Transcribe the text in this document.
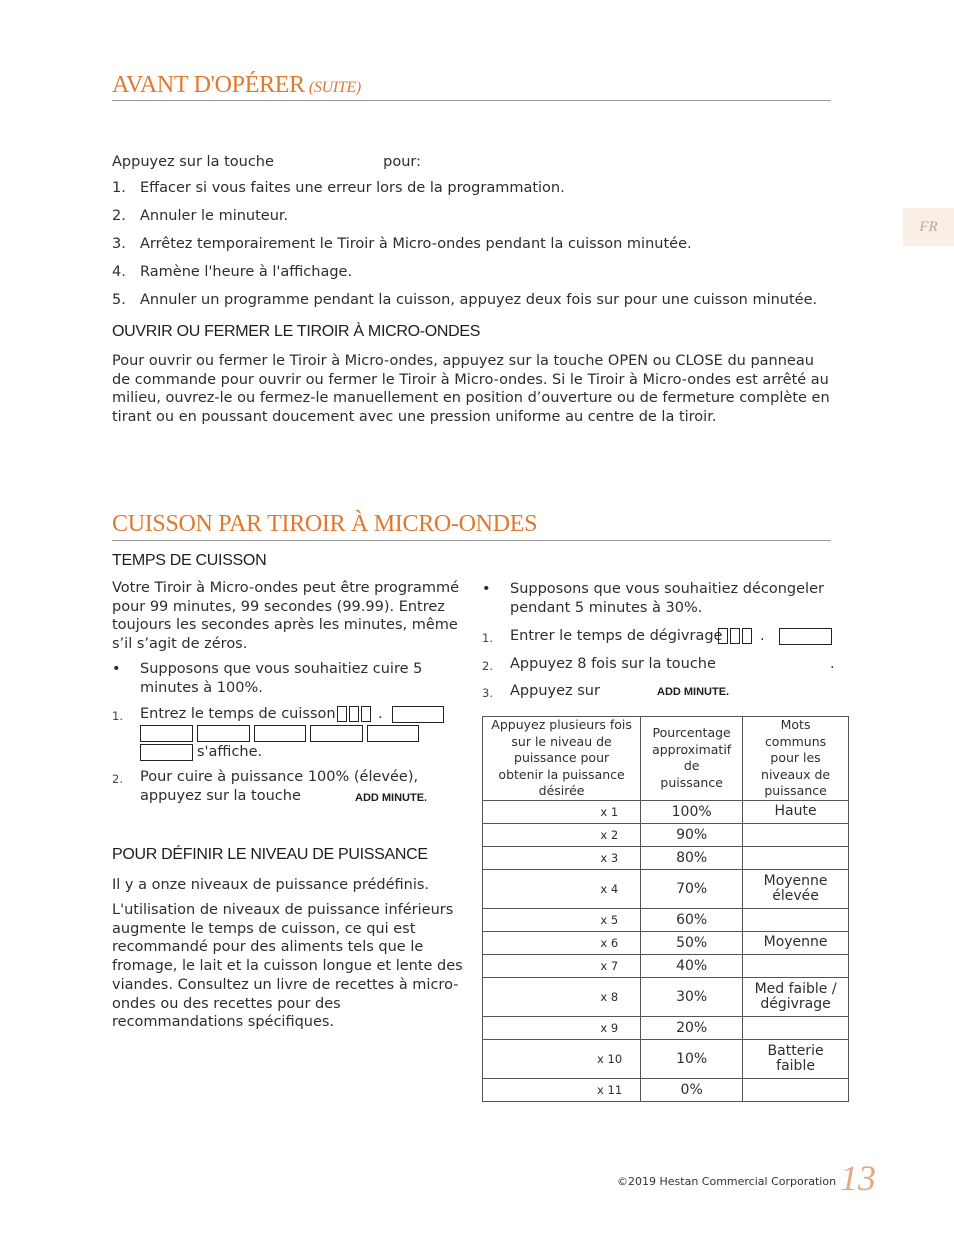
AVANT D'OPÉRER (SUITE)
FR
Appuyez sur la touche	pour:
1. Effacer si vous faites une erreur lors de la programmation.
2. Annuler le minuteur.
3. Arrêtez temporairement le Tiroir à Micro-ondes pendant la cuisson minutée.
4. Ramène l'heure à l'affichage.
5. Annuler un programme pendant la cuisson, appuyez deux fois sur pour une cuisson minutée.
OUVRIR OU FERMER LE TIROIR À MICRO-ONDES
Pour ouvrir ou fermer le Tiroir à Micro-ondes, appuyez sur la touche OPEN ou CLOSE du panneau de commande pour ouvrir ou fermer le Tiroir à Micro-ondes. Si le Tiroir à Micro-ondes est arrêté au milieu, ouvrez-le ou fermez-le manuellement en position d’ouverture ou de fermeture complète en tirant ou en poussant doucement avec une pression uniforme au centre de la tiroir.
CUISSON PAR TIROIR À MICRO-ONDES
TEMPS DE CUISSON
Votre Tiroir à Micro-ondes peut être programmé pour 99 minutes, 99 secondes (99.99). Entrez toujours les secondes après les minutes, même s’il s’agit de zéros.
• Supposons que vous souhaitiez cuire 5 minutes à 100%.
1. Entrez le temps de cuisson	.
s'affiche.
2. Pour cuire à puissance 100% (élevée), appuyez sur la touche	ADD MINUTE.
POUR DÉFINIR LE NIVEAU DE PUISSANCE
Il y a onze niveaux de puissance prédéfinis.
L'utilisation de niveaux de puissance inférieurs augmente le temps de cuisson, ce qui est recommandé pour des aliments tels que le fromage, le lait et la cuisson longue et lente des viandes. Consultez un livre de recettes à micro-ondes ou des recettes pour des recommandations spécifiques.
• Supposons que vous souhaitiez décongeler pendant 5 minutes à 30%.
1. Entrer le temps de dégivrage	.
2. Appuyez 8 fois sur la touche	.
3. Appuyez sur	ADD MINUTE.
Appuyez plusieurs fois sur le niveau de puissance pour obtenir la puissance désirée	Pourcentage approximatif de puissance	Mots communs pour les niveaux de puissance
x 1	100%	Haute
x 2	90%	
x 3	80%	
x 4	70%	Moyenne élevée
x 5	60%	
x 6	50%	Moyenne
x 7	40%	
x 8	30%	Med faible / dégivrage
x 9	20%	
x 10	10%	Batterie faible
x 11	0%	
©2019 Hestan Commercial Corporation 13
